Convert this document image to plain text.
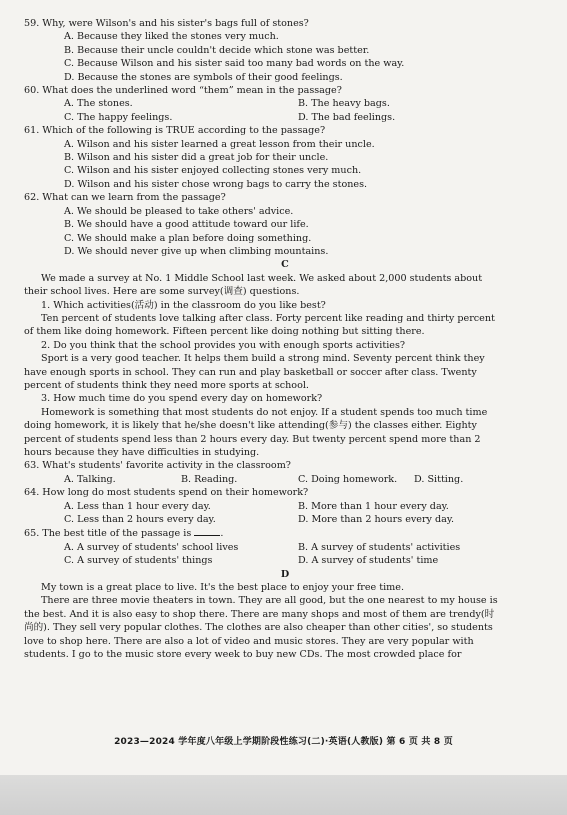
59. Why, were Wilson's and his sister's bags full of stones?
A. Because they liked the stones very much.
B. Because their uncle couldn't decide which stone was better.
C. Because Wilson and his sister said too many bad words on the way.
D. Because the stones are symbols of their good feelings.
60. What does the underlined word “them” mean in the passage?
A. The stones.	B. The heavy bags.
C. The happy feelings.	D. The bad feelings.
61. Which of the following is TRUE according to the passage?
A. Wilson and his sister learned a great lesson from their uncle.
B. Wilson and his sister did a great job for their uncle.
C. Wilson and his sister enjoyed collecting stones very much.
D. Wilson and his sister chose wrong bags to carry the stones.
62. What can we learn from the passage?
A. We should be pleased to take others' advice.
B. We should have a good attitude toward our life.
C. We should make a plan before doing something.
D. We should never give up when climbing mountains.
C
We made a survey at No. 1 Middle School last week. We asked about 2,000 students about
their school lives. Here are some survey(调查) questions.
1. Which activities(活动) in the classroom do you like best?
Ten percent of students love talking after class. Forty percent like reading and thirty percent
of them like doing homework. Fifteen percent like doing nothing but sitting there.
2. Do you think that the school provides you with enough sports activities?
Sport is a very good teacher. It helps them build a strong mind. Seventy percent think they
have enough sports in school. They can run and play basketball or soccer after class. Twenty
percent of students think they need more sports at school.
3. How much time do you spend every day on homework?
Homework is something that most students do not enjoy. If a student spends too much time
doing homework, it is likely that he/she doesn't like attending(参与) the classes either. Eighty
percent of students spend less than 2 hours every day. But twenty percent spend more than 2
hours because they have difficulties in studying.
63. What's students' favorite activity in the classroom?
A. Talking.	B. Reading.	C. Doing homework. D. Sitting.
64. How long do most students spend on their homework?
A. Less than 1 hour every day.	B. More than 1 hour every day.
C. Less than 2 hours every day.	D. More than 2 hours every day.
65. The best title of the passage is	.
A. A survey of students' school lives	B. A survey of students' activities
C. A survey of students' things	D. A survey of students' time
D
My town is a great place to live. It's the best place to enjoy your free time.
There are three movie theaters in town. They are all good, but the one nearest to my house is
the best. And it is also easy to shop there. There are many shops and most of them are trendy(时
尚的). They sell very popular clothes. The clothes are also cheaper than other cities', so students
love to shop here. There are also a lot of video and music stores. They are very popular with
students. I go to the music store every week to buy new CDs. The most crowded place for
2023—2024 学年度八年级上学期阶段性练习(二)·英语(人教版) 第 6 页 共 8 页
